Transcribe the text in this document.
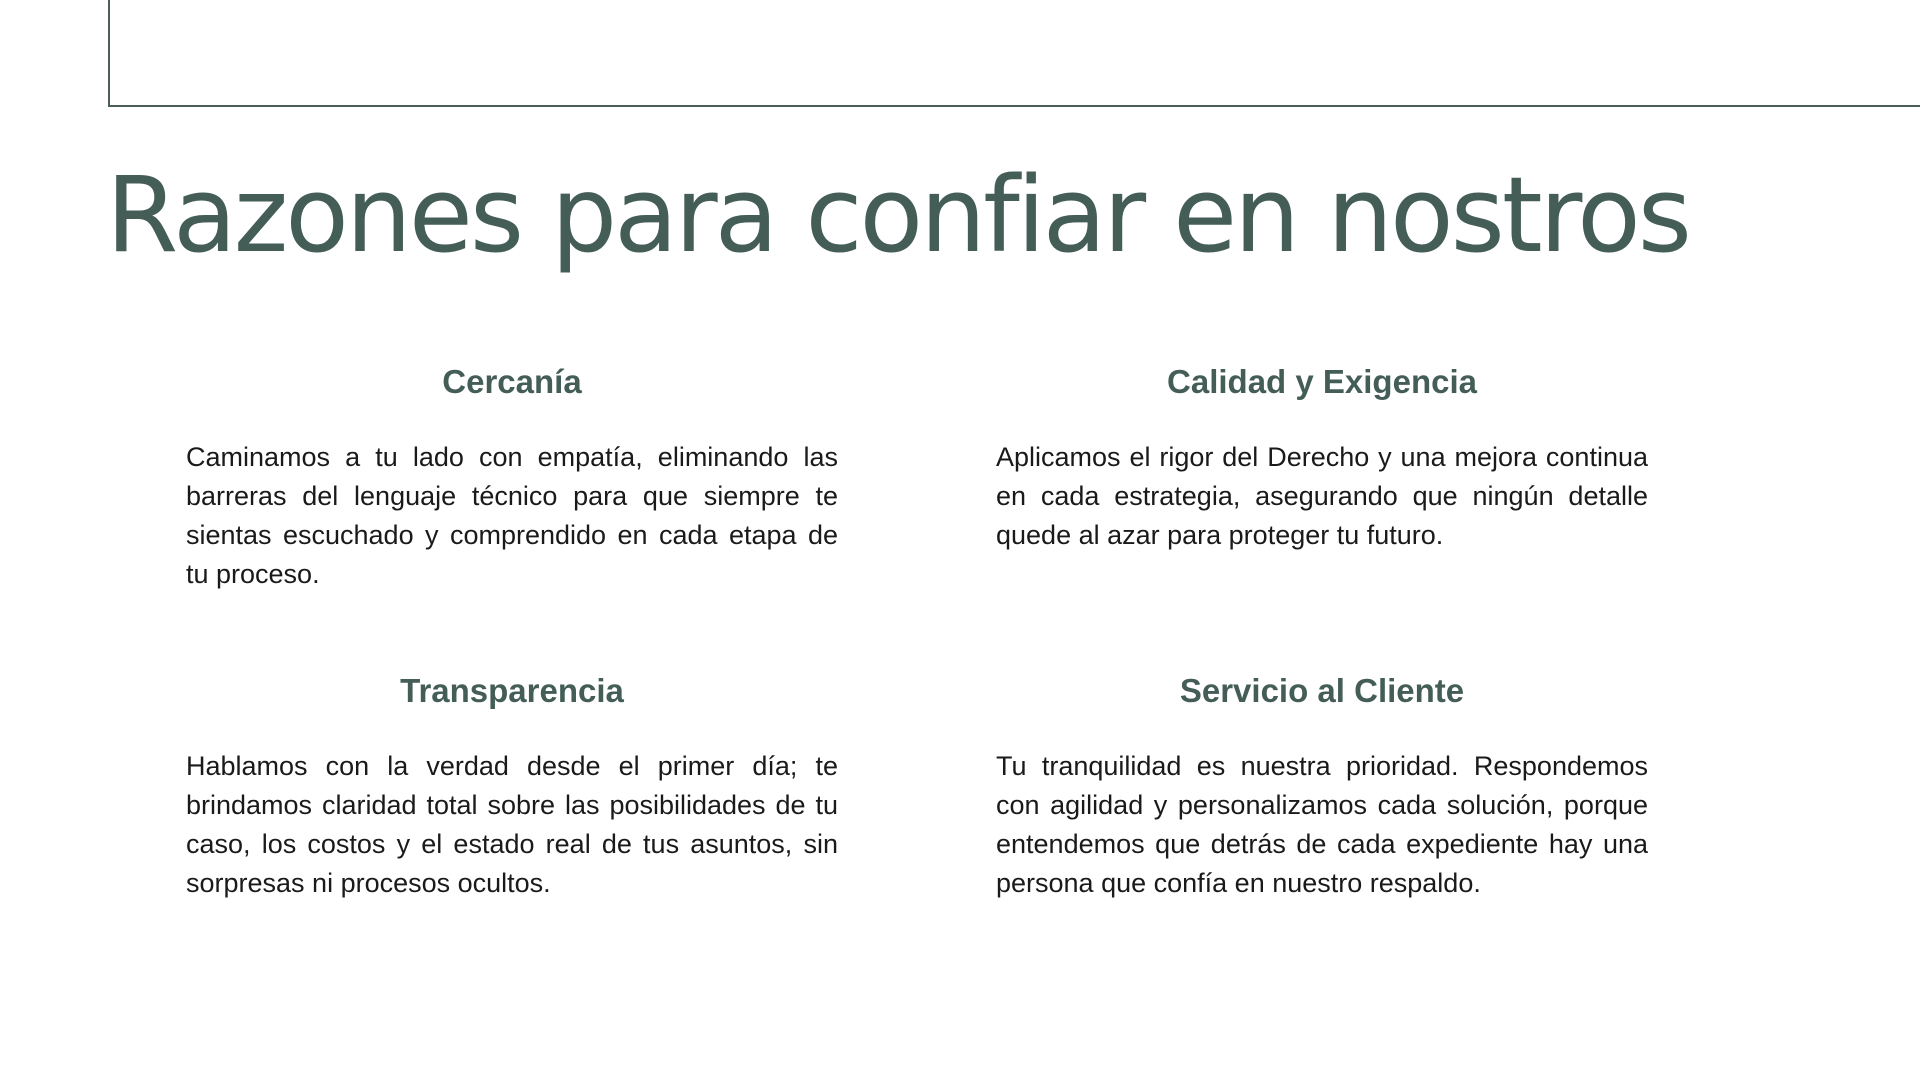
Razones para confiar en nostros
Cercanía

Caminamos a tu lado con empatía, eliminando las barreras del lenguaje técnico para que siempre te sientas escuchado y comprendido en cada etapa de tu proceso.

Calidad y Exigencia

Aplicamos el rigor del Derecho y una mejora continua en cada estrategia, asegurando que ningún detalle quede al azar para proteger tu futuro.

Transparencia

Hablamos con la verdad desde el primer día; te brindamos claridad total sobre las posibilidades de tu caso, los costos y el estado real de tus asuntos, sin sorpresas ni procesos ocultos.

Servicio al Cliente

Tu tranquilidad es nuestra prioridad. Respondemos con agilidad y personalizamos cada solución, porque entendemos que detrás de cada expediente hay una persona que confía en nuestro respaldo.
